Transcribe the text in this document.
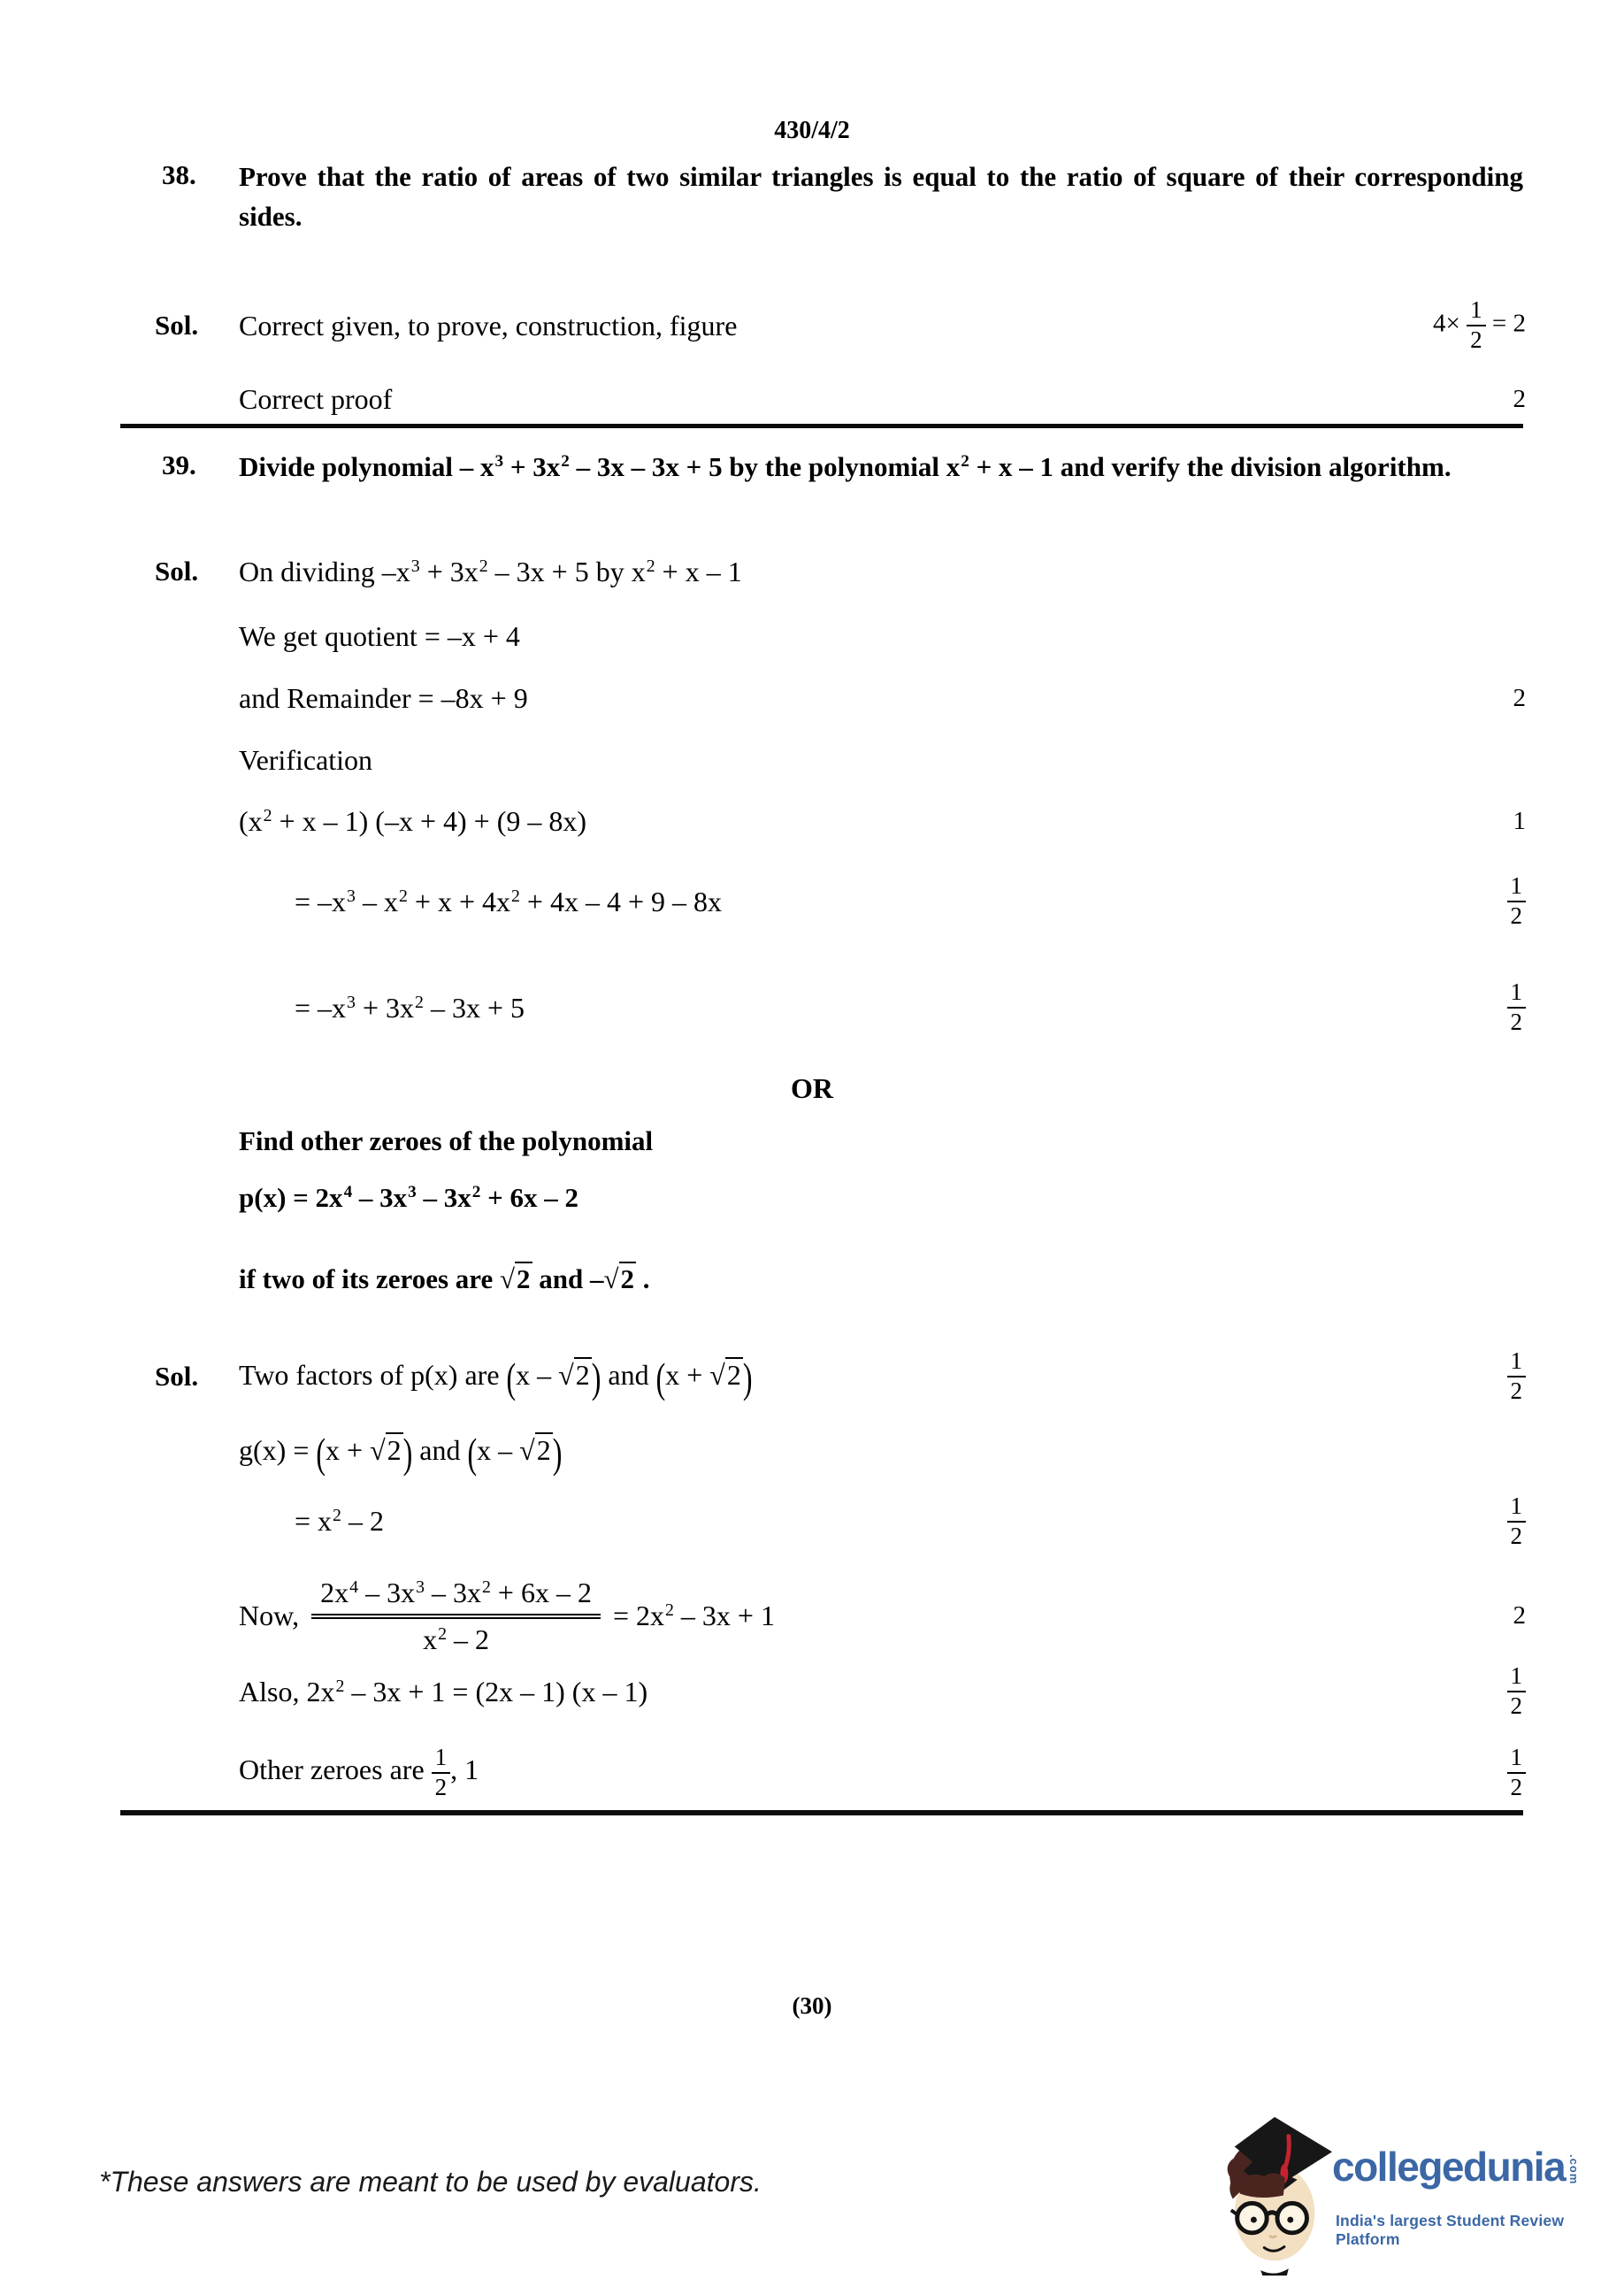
430/4/2
38. Prove that the ratio of areas of two similar triangles is equal to the ratio of square of their corresponding sides.
Sol. Correct given, to prove, construction, figure	$4\times \frac{1}{2} = 2$
Correct proof	2
39. Divide polynomial – $x^3 + 3x^2 - 3x - 3x + 5$ by the polynomial $x^2 + x - 1$ and verify the division algorithm.
Sol. On dividing $-x^3 + 3x^2 - 3x + 5$ by $x^2 + x - 1$
We get quotient = –x + 4
and Remainder = –8x + 9	2
Verification
$(x^2 + x - 1) (-x + 4) + (9 - 8x)$	1
= $-x^3 - x^2 + x + 4x^2 + 4x - 4 + 9 - 8x$	$\frac{1}{2}$
= $-x^3 + 3x^2 - 3x + 5$	$\frac{1}{2}$
OR
Find other zeroes of the polynomial
$p(x) = 2x^4 - 3x^3 - 3x^2 + 6x - 2$
if two of its zeroes are √2 and –√2 .
Sol. Two factors of p(x) are (x – √2) and (x + √2)	$\frac{1}{2}$
g(x) = (x + √2) and (x – √2)
= $x^2 - 2$	$\frac{1}{2}$
Now, $\frac{2x^4 - 3x^3 - 3x^2 + 6x - 2}{x^2 - 2} = 2x^2 - 3x + 1$	2
Also, $2x^2 - 3x + 1 = (2x - 1)$ (x – 1)	$\frac{1}{2}$
Other zeroes are $\frac{1}{2}$ , 1	$\frac{1}{2}$
(30)
*These answers are meant to be used by evaluators.	collegedunia .com
India's largest Student Review Platform
